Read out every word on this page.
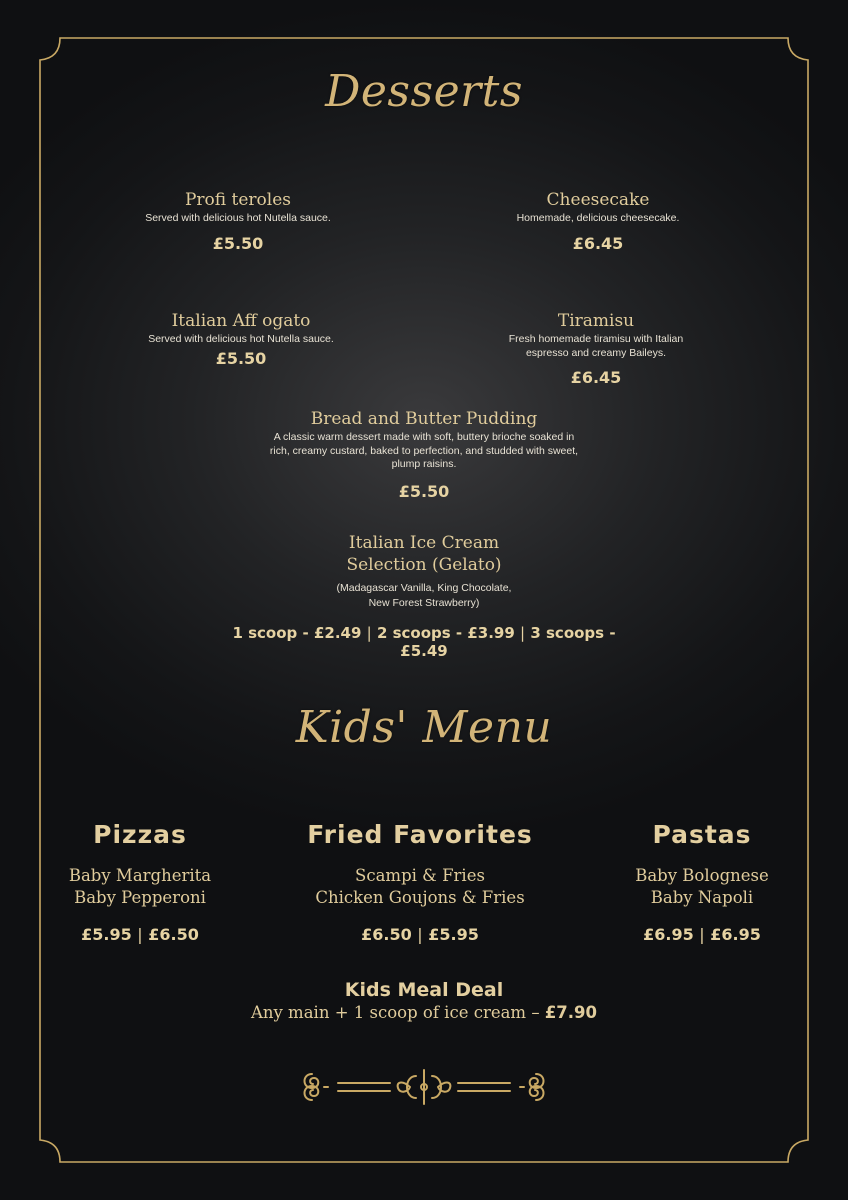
Desserts
Profi teroles
Served with delicious hot Nutella sauce.
£5.50
Cheesecake
Homemade, delicious cheesecake.
£6.45
Italian Aff ogato
Served with delicious hot Nutella sauce.
£5.50
Tiramisu
Fresh homemade tiramisu with Italian espresso and creamy Baileys.
£6.45
Bread and Butter Pudding
A classic warm dessert made with soft, buttery brioche soaked in rich, creamy custard, baked to perfection, and studded with sweet, plump raisins.
£5.50
Italian Ice Cream
Selection (Gelato)
(Madagascar Vanilla, King Chocolate,
New Forest Strawberry)
1 scoop - £2.49 | 2 scoops - £3.99 | 3 scoops - £5.49
Kids' Menu
Pizzas
Baby Margherita
Baby Pepperoni
£5.95 | £6.50
Fried Favorites
Scampi & Fries
Chicken Goujons & Fries
£6.50 | £5.95
Pastas
Baby Bolognese
Baby Napoli
£6.95 | £6.95
Kids Meal Deal
Any main + 1 scoop of ice cream – £7.90
